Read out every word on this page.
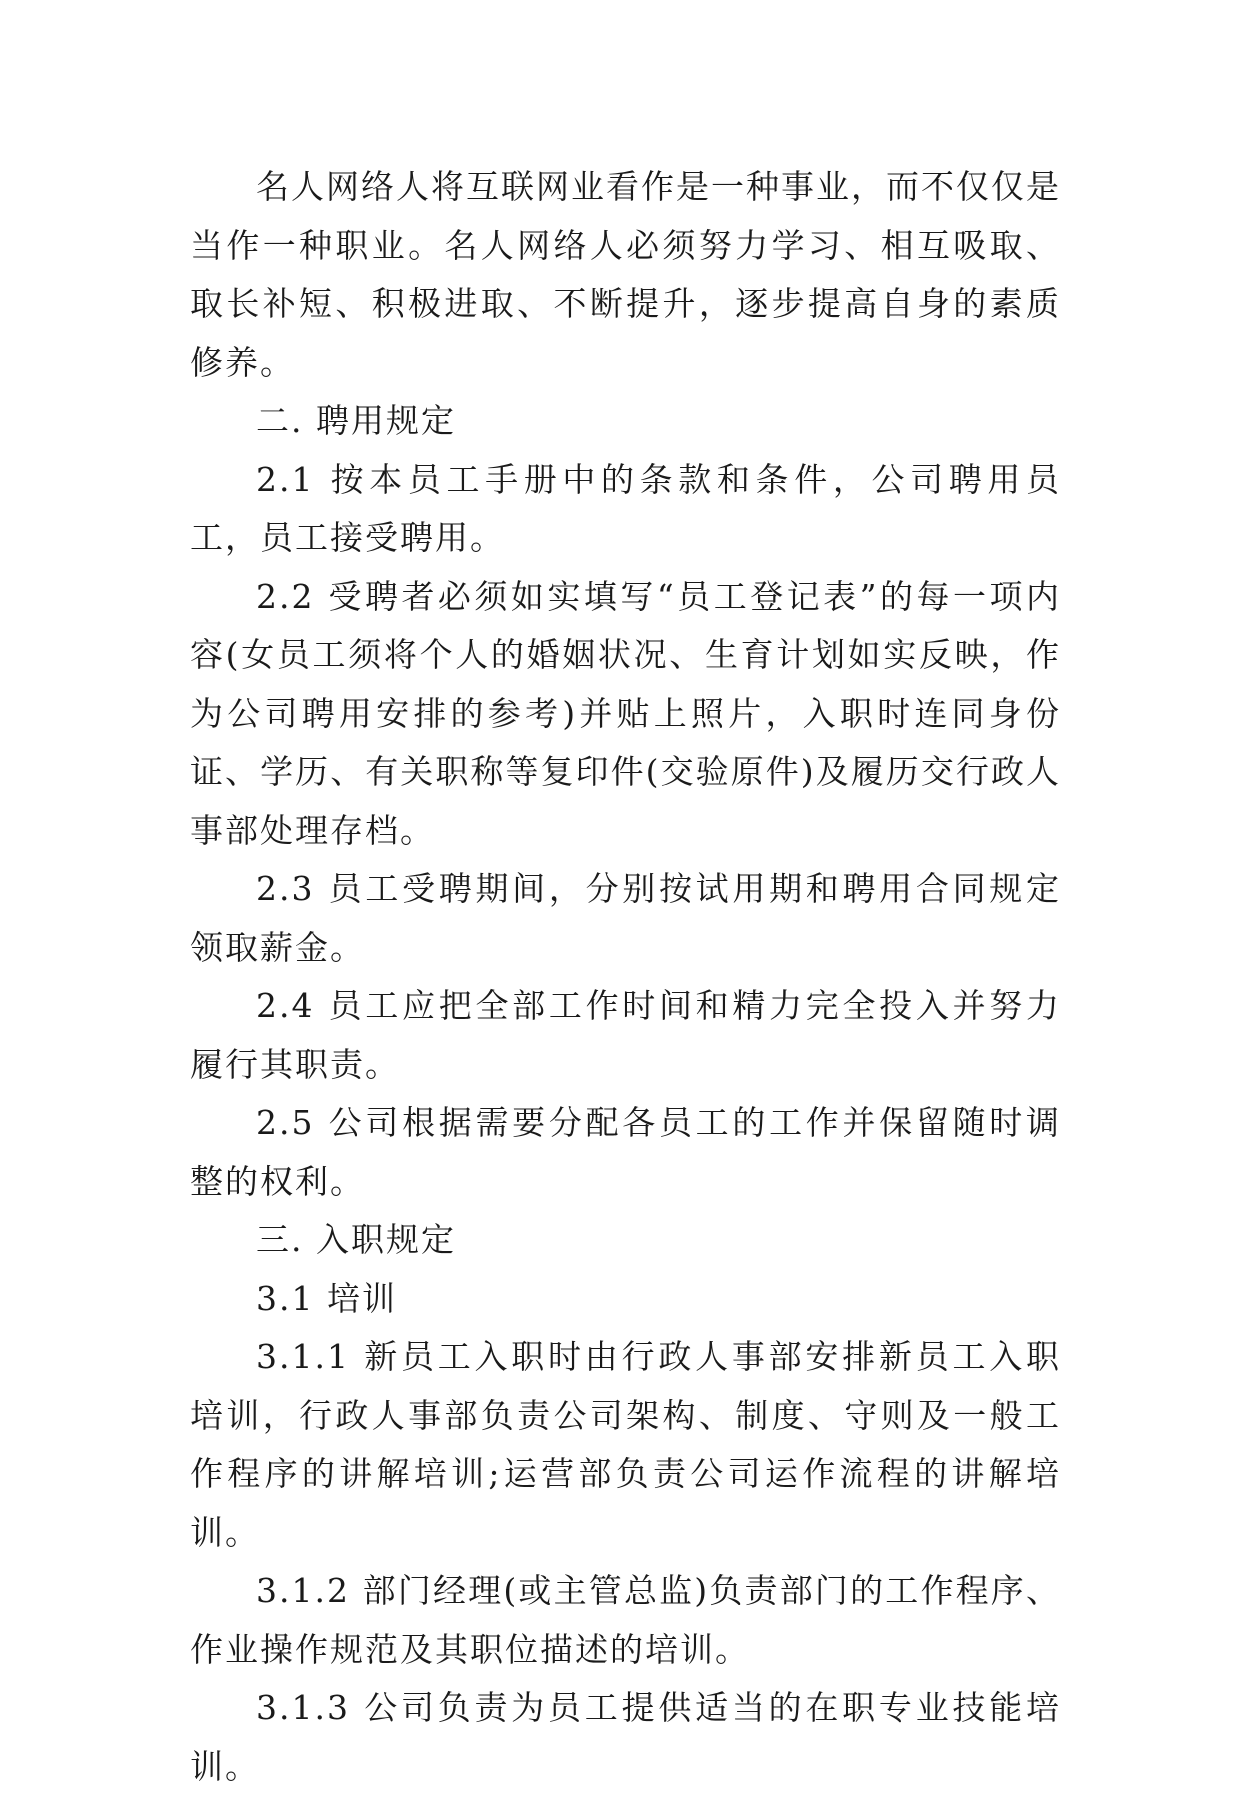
名人网络人将互联网业看作是一种事业，而不仅仅是当作一种职业。名人网络人必须努力学习、相互吸取、取长补短、积极进取、不断提升，逐步提高自身的素质修养。

二. 聘用规定

2.1 按本员工手册中的条款和条件，公司聘用员工，员工接受聘用。

2.2 受聘者必须如实填写“员工登记表”的每一项内容(女员工须将个人的婚姻状况、生育计划如实反映，作为公司聘用安排的参考)并贴上照片，入职时连同身份证、学历、有关职称等复印件(交验原件)及履历交行政人事部处理存档。

2.3 员工受聘期间，分别按试用期和聘用合同规定领取薪金。

2.4 员工应把全部工作时间和精力完全投入并努力履行其职责。

2.5 公司根据需要分配各员工的工作并保留随时调整的权利。

三. 入职规定

3.1 培训

3.1.1 新员工入职时由行政人事部安排新员工入职培训，行政人事部负责公司架构、制度、守则及一般工作程序的讲解培训;运营部负责公司运作流程的讲解培训。

3.1.2 部门经理(或主管总监)负责部门的工作程序、作业操作规范及其职位描述的培训。

3.1.3 公司负责为员工提供适当的在职专业技能培训。
